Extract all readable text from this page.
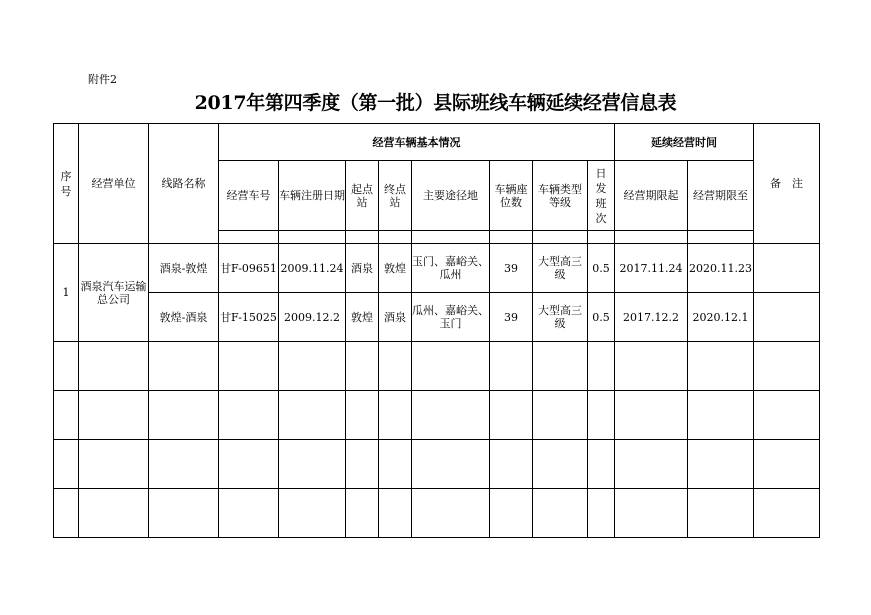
附件2
2017年第四季度（第一批）县际班线车辆延续经营信息表
序号	经营单位	线路名称	经营车辆基本情况								延续经营时间		备　注
			经营车号	车辆注册日期	起点站	终点站	主要途径地	车辆座位数	车辆类型等级	日发班次	经营期限起	经营期限至	

1	酒泉汽车运输总公司	酒泉-敦煌	甘F-09651	2009.11.24	酒泉	敦煌	玉门、嘉峪关、瓜州	39	大型高三级	0.5	2017.11.24	2020.11.23	
		敦煌-酒泉	甘F-15025	2009.12.2	敦煌	酒泉	瓜州、嘉峪关、玉门	39	大型高三级	0.5	2017.12.2	2020.12.1	
